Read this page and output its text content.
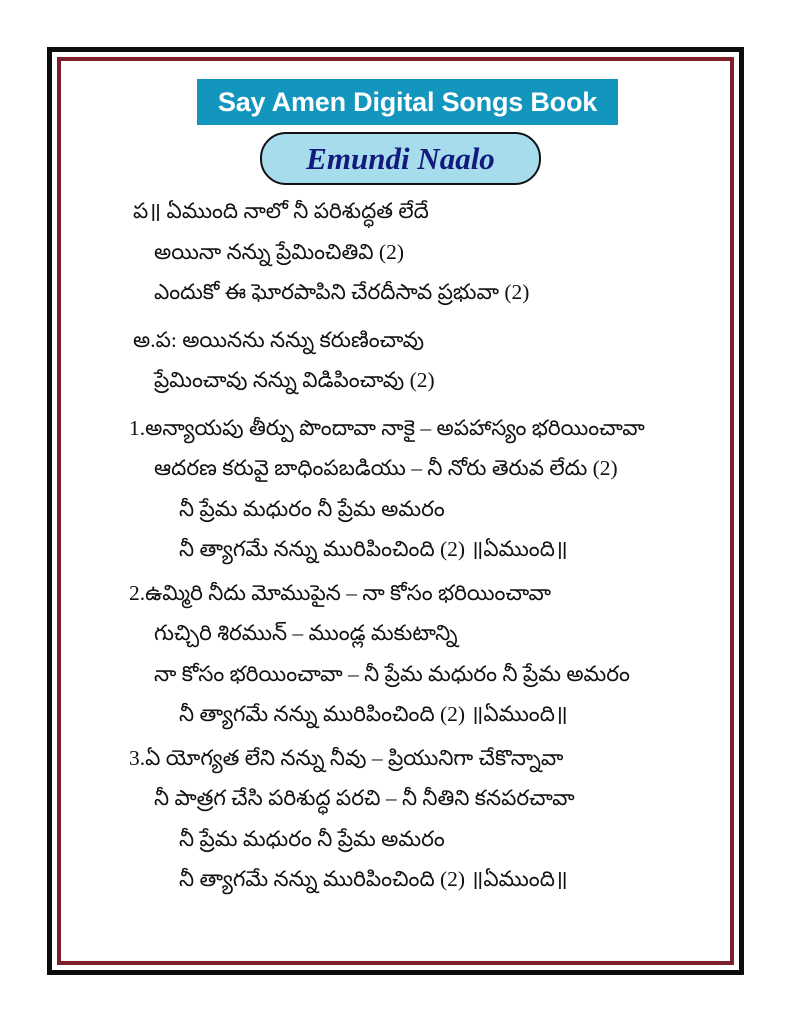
Say Amen Digital Songs Book
Emundi Naalo
ప॥ ఏముంది నాలో నీ పరిశుద్ధత లేదే
అయినా నన్ను ప్రేమించితివి (2)
ఎందుకో ఈ ఘోరపాపిని చేరదీసావ ప్రభువా (2)
అ.ప: అయినను నన్ను కరుణించావు
ప్రేమించావు నన్ను విడిపించావు (2)
1.అన్యాయపు తీర్పు పొందావా నాకై – అపహాస్యం భరియించావా
ఆదరణ కరువై బాధింపబడియు – నీ నోరు తెరువ లేదు (2)
నీ ప్రేమ మధురం నీ ప్రేమ అమరం
నీ త్యాగమే నన్ను మురిపించింది (2) ॥ఏముంది॥
2.ఉమ్మిరి నీదు మోముపైన – నా కోసం భరియించావా
గుచ్చిరి శిరమున్ – ముండ్ల మకుటాన్ని
నా కోసం భరియించావా – నీ ప్రేమ మధురం నీ ప్రేమ అమరం
నీ త్యాగమే నన్ను మురిపించింది (2) ॥ఏముంది॥
3.ఏ యోగ్యత లేని నన్ను నీవు – ప్రియునిగా చేకొన్నావా
నీ పాత్రగ చేసి పరిశుద్ధ పరచి – నీ నీతిని కనపరచావా
నీ ప్రేమ మధురం నీ ప్రేమ అమరం
నీ త్యాగమే నన్ను మురిపించింది (2) ॥ఏముంది॥
